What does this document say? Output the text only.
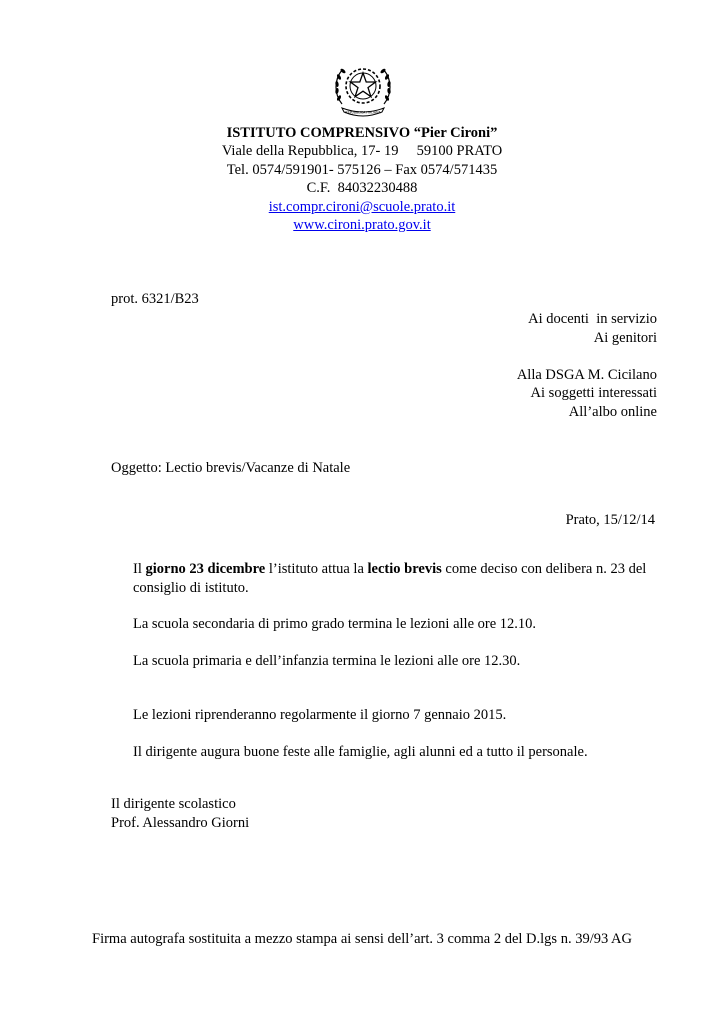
REPUBBLICA ITALIANA
ISTITUTO COMPRENSIVO “Pier Cironi”
Viale della Repubblica, 17- 19     59100 PRATO
Tel. 0574/591901- 575126 – Fax 0574/571435
C.F.  84032230488
ist.compr.cironi@scuole.prato.it
www.cironi.prato.gov.it
prot. 6321/B23
Ai docenti  in servizio
Ai genitori
Alla DSGA M. Cicilano
Ai soggetti interessati
All’albo online
Oggetto: Lectio brevis/Vacanze di Natale
Prato, 15/12/14

Il giorno 23 dicembre l’istituto attua la lectio brevis come deciso con delibera n. 23 del consiglio di istituto.

La scuola secondaria di primo grado termina le lezioni alle ore 12.10.

La scuola primaria e dell’infanzia termina le lezioni alle ore 12.30.

Le lezioni riprenderanno regolarmente il giorno 7 gennaio 2015.

Il dirigente augura buone feste alle famiglie, agli alunni ed a tutto il personale.

Il dirigente scolastico
Prof. Alessandro Giorni
Firma autografa sostituita a mezzo stampa ai sensi dell’art. 3 comma 2 del D.lgs n. 39/93 AG
